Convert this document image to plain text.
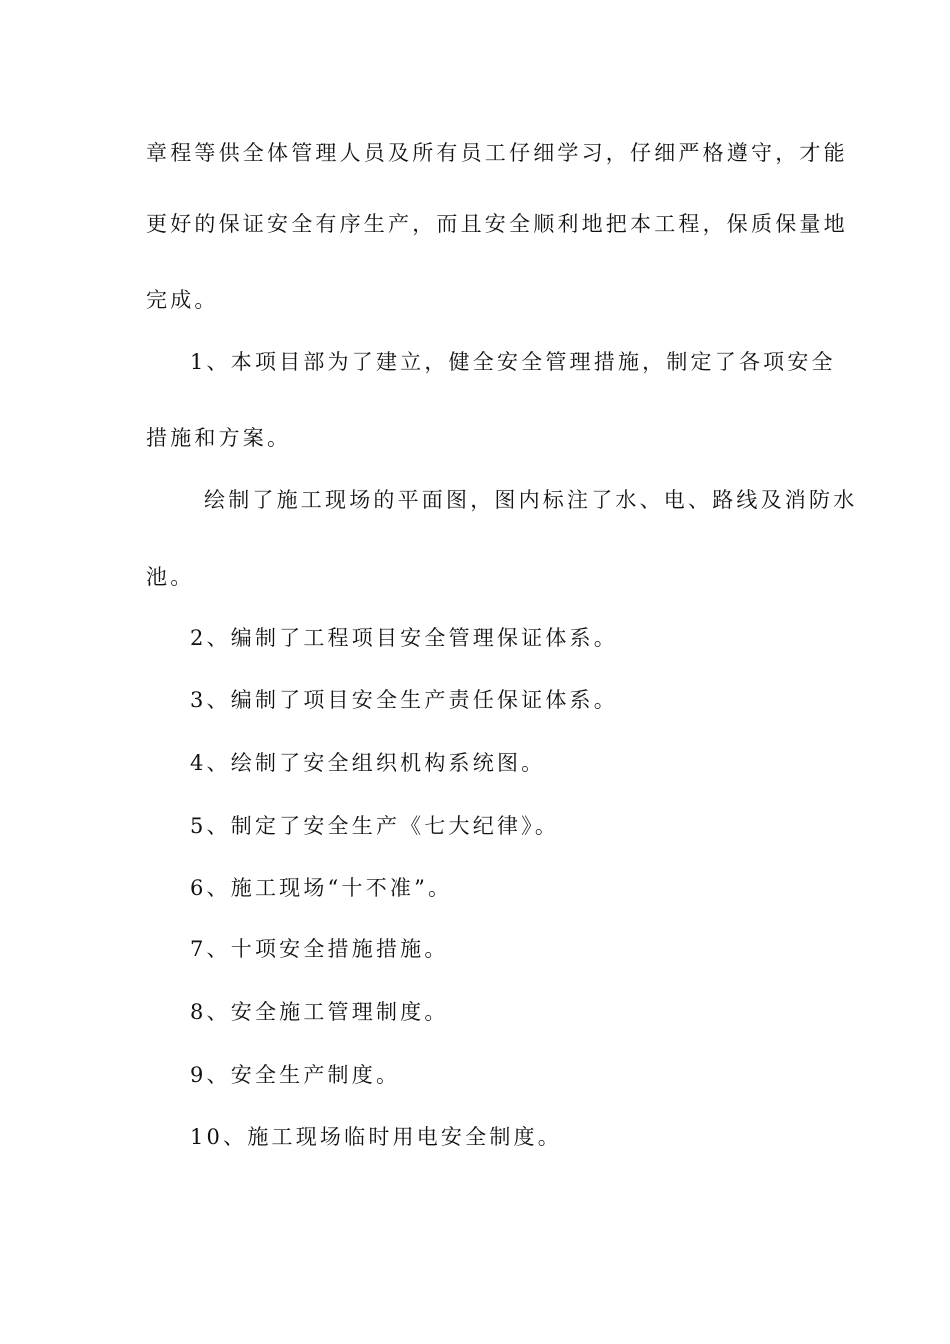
章程等供全体管理人员及所有员工仔细学习，仔细严格遵守，才能
更好的保证安全有序生产，而且安全顺利地把本工程，保质保量地
完成。
1、本项目部为了建立，健全安全管理措施，制定了各项安全
措施和方案。
绘制了施工现场的平面图，图内标注了水、电、路线及消防水
池。
2、编制了工程项目安全管理保证体系。
3、编制了项目安全生产责任保证体系。
4、绘制了安全组织机构系统图。
5、制定了安全生产《七大纪律》。
6、施工现场“十不准”。
7、十项安全措施措施。
8、安全施工管理制度。
9、安全生产制度。
10、施工现场临时用电安全制度。
